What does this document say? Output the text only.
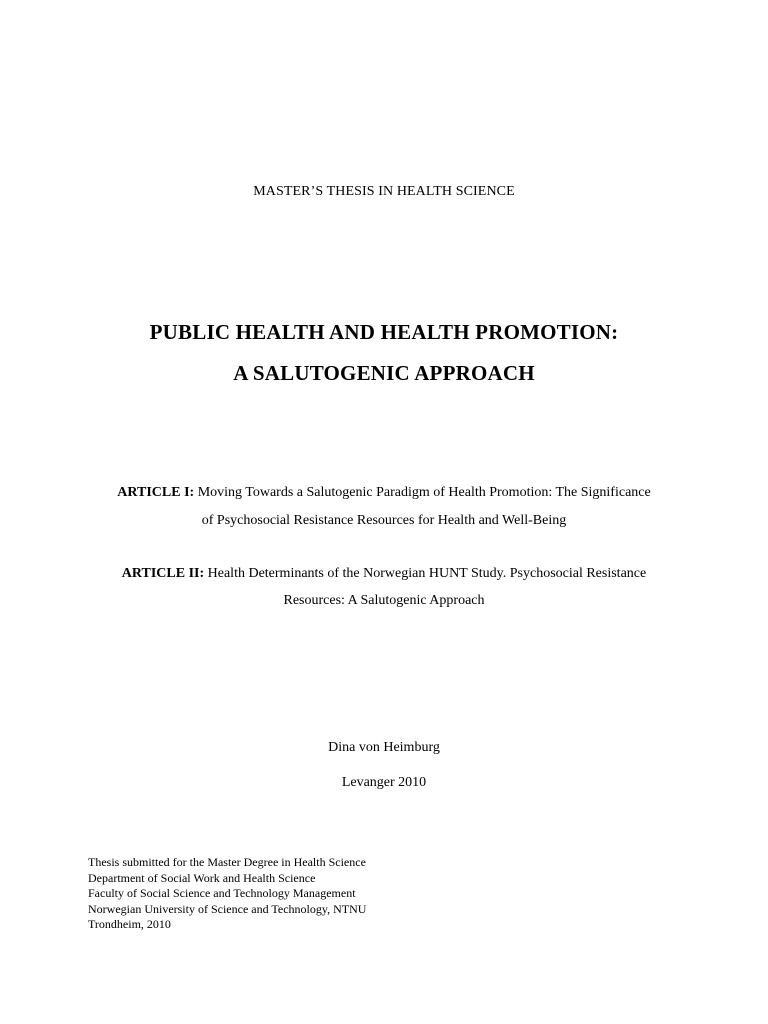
MASTER’S THESIS IN HEALTH SCIENCE
PUBLIC HEALTH AND HEALTH PROMOTION:
A SALUTOGENIC APPROACH
ARTICLE I: Moving Towards a Salutogenic Paradigm of Health Promotion: The Significance
of Psychosocial Resistance Resources for Health and Well-Being
ARTICLE II: Health Determinants of the Norwegian HUNT Study. Psychosocial Resistance
Resources: A Salutogenic Approach
Dina von Heimburg
Levanger 2010
Thesis submitted for the Master Degree in Health Science
Department of Social Work and Health Science
Faculty of Social Science and Technology Management
Norwegian University of Science and Technology, NTNU
Trondheim, 2010
